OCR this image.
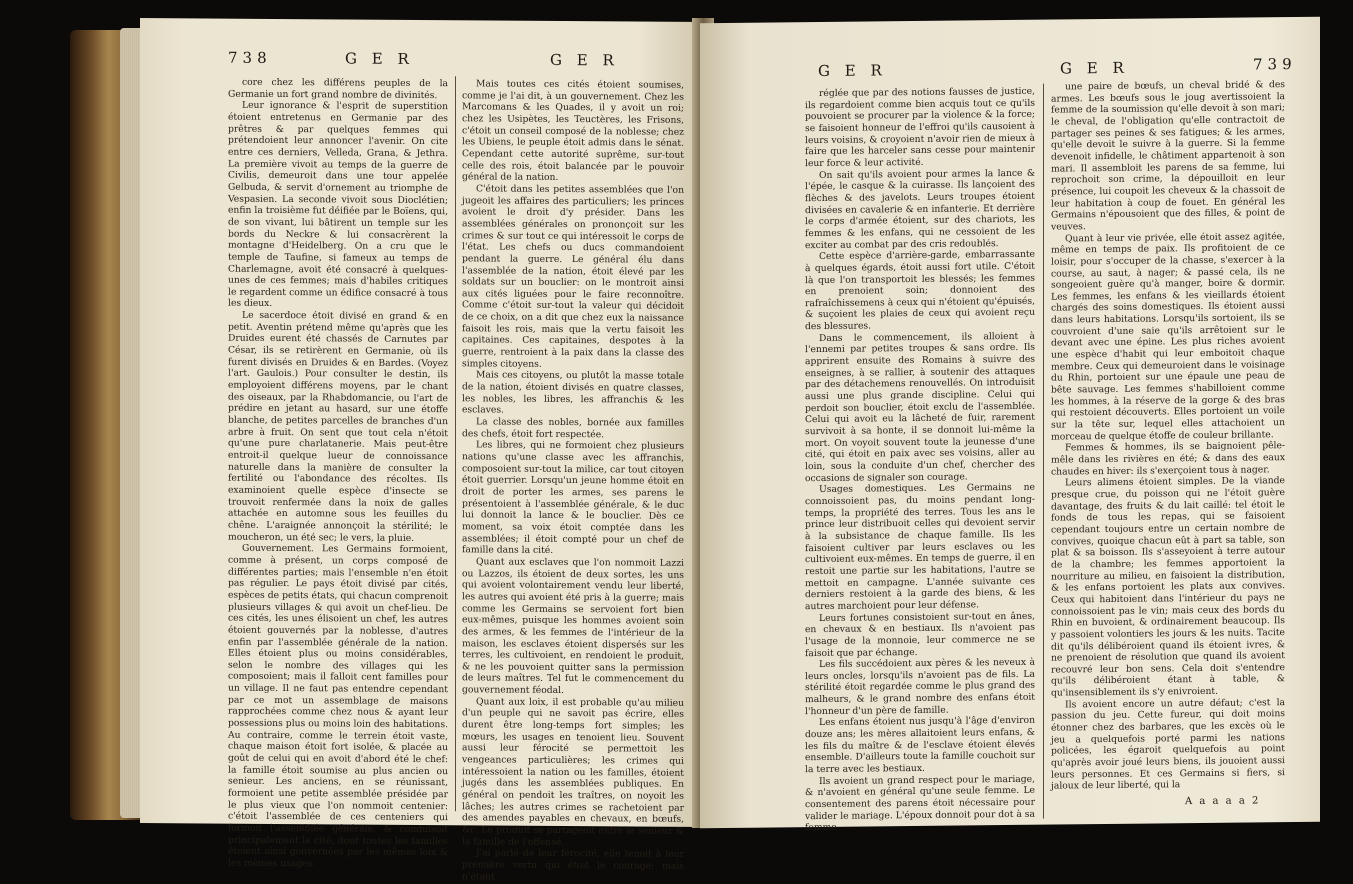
738	G E R	G E R

core chez les différens peuples de la Germanie un fort grand nombre de divinités.

Leur ignorance & l'esprit de superstition étoient entretenus en Germanie par des prêtres & par quelques femmes qui prétendoient leur annoncer l'avenir. On cite entre ces derniers, Velleda, Grana, & Jethra. La première vivoit au temps de la guerre de Civilis, demeuroit dans une tour appelée Gelbuda, & servit d'ornement au triomphe de Vespasien. La seconde vivoit sous Dioclétien; enfin la troisième fut déifiée par le Boïens, qui, de son vivant, lui bâtirent un temple sur les bords du Neckre & lui consacrèrent la montagne d'Heidelberg. On a cru que le temple de Taufine, si fameux au temps de Charlemagne, avoit été consacré à quelques-unes de ces femmes; mais d'habiles critiques le regardent comme un édifice consacré à tous les dieux.

Le sacerdoce étoit divisé en grand & en petit. Aventin prétend même qu'après que les Druides eurent été chassés de Carnutes par César, ils se retirèrent en Germanie, où ils furent divisés en Druides & en Bardes. (Voyez l'art. Gaulois.) Pour consulter le destin, ils employoient différens moyens, par le chant des oiseaux, par la Rhabdomancie, ou l'art de prédire en jetant au hasard, sur une étoffe blanche, de petites parcelles de branches d'un arbre à fruit. On sent que tout cela n'étoit qu'une pure charlatanerie. Mais peut-être entroit-il quelque lueur de connoissance naturelle dans la manière de consulter la fertilité ou l'abondance des récoltes. Ils examinoient quelle espèce d'insecte se trouvoit renfermée dans la noix de galles attachée en automne sous les feuilles du chêne. L'araignée annonçoit la stérilité; le moucheron, un été sec; le vers, la pluie.

Gouvernement. Les Germains formoient, comme à présent, un corps composé de différentes parties; mais l'ensemble n'en étoit pas régulier. Le pays étoit divisé par cités, espèces de petits états, qui chacun comprenoit plusieurs villages & qui avoit un chef-lieu. De ces cités, les unes élisoient un chef, les autres étoient gouvernés par la noblesse, d'autres enfin par l'assemblée générale de la nation. Elles étoient plus ou moins considérables, selon le nombre des villages qui les composoient; mais il falloit cent familles pour un village. Il ne faut pas entendre cependant par ce mot un assemblage de maisons rapprochées comme chez nous & ayant leur possessions plus ou moins loin des habitations. Au contraire, comme le terrein étoit vaste, chaque maison étoit fort isolée, & placée au goût de celui qui en avoit d'abord été le chef: la famille étoit soumise au plus ancien ou senieur. Les anciens, en se réunissant, formoient une petite assemblée présidée par le plus vieux que l'on nommoit centenier: c'étoit l'assemblée de ces centeniers qui formoit l'assemblée générale, & conduisoit principalement la cité, dont toutes les familles étoient ainsi gouvernées par les mêmes loix & les mêmes usages.

Mais toutes ces cités étoient soumises, comme je l'ai dit, à un gouvernement. Chez les Marcomans & les Quades, il y avoit un roi; chez les Usipètes, les Teuctères, les Frisons, c'étoit un conseil composé de la noblesse; chez les Ubiens, le peuple étoit admis dans le sénat. Cependant cette autorité suprême, sur-tout celle des rois, étoit balancée par le pouvoir général de la nation.

C'étoit dans les petites assemblées que l'on jugeoit les affaires des particuliers; les princes avoient le droit d'y présider. Dans les assemblées générales on prononçoit sur les crimes & sur tout ce qui intéressoit le corps de l'état. Les chefs ou ducs commandoient pendant la guerre. Le général élu dans l'assemblée de la nation, étoit élevé par les soldats sur un bouclier: on le montroit ainsi aux cités liguées pour le faire reconnoître. Comme c'étoit sur-tout la valeur qui décidoit de ce choix, on a dit que chez eux la naissance faisoit les rois, mais que la vertu faisoit les capitaines. Ces capitaines, despotes à la guerre, rentroient à la paix dans la classe des simples citoyens.

Mais ces citoyens, ou plutôt la masse totale de la nation, étoient divisés en quatre classes, les nobles, les libres, les affranchis & les esclaves.

La classe des nobles, bornée aux familles des chefs, étoit fort respectée.

Les libres, qui ne formoient chez plusieurs nations qu'une classe avec les affranchis, composoient sur-tout la milice, car tout citoyen étoit guerrier. Lorsqu'un jeune homme étoit en droit de porter les armes, ses parens le présentoient à l'assemblée générale, & le duc lui donnoit la lance & le bouclier. Dès ce moment, sa voix étoit comptée dans les assemblées; il étoit compté pour un chef de famille dans la cité.

Quant aux esclaves que l'on nommoit Lazzi ou Lazzos, ils étoient de deux sortes, les uns qui avoient volontairement vendu leur liberté, les autres qui avoient été pris à la guerre; mais comme les Germains se servoient fort bien eux-mêmes, puisque les hommes avoient soin des armes, & les femmes de l'intérieur de la maison, les esclaves étoient dispersés sur les terres, les cultivoient, en rendoient le produit, & ne les pouvoient quitter sans la permission de leurs maîtres. Tel fut le commencement du gouvernement féodal.

Quant aux loix, il est probable qu'au milieu d'un peuple qui ne savoit pas écrire, elles durent être long-temps fort simples; les mœurs, les usages en tenoient lieu. Souvent aussi leur férocité se permettoit les vengeances particulières; les crimes qui intéressoient la nation ou les familles, étoient jugés dans les assemblées publiques. En général on pendoit les traîtres, on noyoit les lâches; les autres crimes se rachetoient par des amendes payables en chevaux, en bœufs, &c. Le produit se partageoit entre le senieur & la famille de l'offensé.

J'ai parlé de leur férocité, elle tenoit à leur première vertu qui étoit le courage; mais n'étant

G E R	G E R	739

réglée que par des notions fausses de justice, ils regardoient comme bien acquis tout ce qu'ils pouvoient se procurer par la violence & la force; se faisoient honneur de l'effroi qu'ils causoient à leurs voisins, & croyoient n'avoir rien de mieux à faire que les harceler sans cesse pour maintenir leur force & leur activité.

On sait qu'ils avoient pour armes la lance & l'épée, le casque & la cuirasse. Ils lançoient des flèches & des javelots. Leurs troupes étoient divisées en cavalerie & en infanterie. Et derrière le corps d'armée étoient, sur des chariots, les femmes & les enfans, qui ne cessoient de les exciter au combat par des cris redoublés.

Cette espèce d'arrière-garde, embarrassante à quelques égards, étoit aussi fort utile. C'étoit là que l'on transportoit les blessés; les femmes en prenoient soin; donnoient des rafraîchissemens à ceux qui n'étoient qu'épuisés, & suçoient les plaies de ceux qui avoient reçu des blessures.

Dans le commencement, ils alloient à l'ennemi par petites troupes & sans ordre. Ils apprirent ensuite des Romains à suivre des enseignes, à se rallier, à soutenir des attaques par des détachemens renouvellés. On introduisit aussi une plus grande discipline. Celui qui perdoit son bouclier, étoit exclu de l'assemblée. Celui qui avoit eu la lâcheté de fuir, rarement survivoit à sa honte, il se donnoit lui-même la mort. On voyoit souvent toute la jeunesse d'une cité, qui étoit en paix avec ses voisins, aller au loin, sous la conduite d'un chef, chercher des occasions de signaler son courage.

Usages domestiques. Les Germains ne connoissoient pas, du moins pendant long-temps, la propriété des terres. Tous les ans le prince leur distribuoit celles qui devoient servir à la subsistance de chaque famille. Ils les faisoient cultiver par leurs esclaves ou les cultivoient eux-mêmes. En temps de guerre, il en restoit une partie sur les habitations, l'autre se mettoit en campagne. L'année suivante ces derniers restoient à la garde des biens, & les autres marchoient pour leur défense.

Leurs fortunes consistoient sur-tout en ânes, en chevaux & en bestiaux. Ils n'avoient pas l'usage de la monnoie, leur commerce ne se faisoit que par échange.

Les fils succédoient aux pères & les neveux à leurs oncles, lorsqu'ils n'avoient pas de fils. La stérilité étoit regardée comme le plus grand des malheurs, & le grand nombre des enfans étoit l'honneur d'un père de famille.

Les enfans étoient nus jusqu'à l'âge d'environ douze ans; les mères allaitoient leurs enfans, & les fils du maître & de l'esclave étoient élevés ensemble. D'ailleurs toute la famille couchoit sur la terre avec les bestiaux.

Ils avoient un grand respect pour le mariage, & n'avoient en général qu'une seule femme. Le consentement des parens étoit nécessaire pour valider le mariage. L'époux donnoit pour dot à sa femme

une paire de bœufs, un cheval bridé & des armes. Les bœufs sous le joug avertissoient la femme de la soumission qu'elle devoit à son mari; le cheval, de l'obligation qu'elle contractoit de partager ses peines & ses fatigues; & les armes, qu'elle devoit le suivre à la guerre. Si la femme devenoit infidelle, le châtiment appartenoit à son mari. Il assembloit les parens de sa femme, lui reprochoit son crime, la dépouilloit en leur présence, lui coupoit les cheveux & la chassoit de leur habitation à coup de fouet. En général les Germains n'épousoient que des filles, & point de veuves.

Quant à leur vie privée, elle étoit assez agitée, même en temps de paix. Ils profitoient de ce loisir, pour s'occuper de la chasse, s'exercer à la course, au saut, à nager; & passé cela, ils ne songeoient guère qu'à manger, boire & dormir. Les femmes, les enfans & les vieillards étoient chargés des soins domestiques. Ils étoient aussi dans leurs habitations. Lorsqu'ils sortoient, ils se couvroient d'une saie qu'ils arrêtoient sur le devant avec une épine. Les plus riches avoient une espèce d'habit qui leur emboitoit chaque membre. Ceux qui demeuroient dans le voisinage du Rhin, portoient sur une épaule une peau de bête sauvage. Les femmes s'habilloient comme les hommes, à la réserve de la gorge & des bras qui restoient découverts. Elles portoient un voile sur la tête sur, lequel elles attachoient un morceau de quelque étoffe de couleur brillante.

Femmes & hommes, ils se baignoient pêle-mêle dans les rivières en été; & dans des eaux chaudes en hiver: ils s'exerçoient tous à nager.

Leurs alimens étoient simples. De la viande presque crue, du poisson qui ne l'étoit guère davantage, des fruits & du lait caillé: tel étoit le fonds de tous les repas, qui se faisoient cependant toujours entre un certain nombre de convives, quoique chacun eût à part sa table, son plat & sa boisson. Ils s'asseyoient à terre autour de la chambre; les femmes apportoient la nourriture au milieu, en faisoient la distribution, & les enfans portoient les plats aux convives. Ceux qui habitoient dans l'intérieur du pays ne connoissoient pas le vin; mais ceux des bords du Rhin en buvoient, & ordinairement beaucoup. Ils y passoient volontiers les jours & les nuits. Tacite dit qu'ils délibéroient quand ils étoient ivres, & ne prenoient de résolution que quand ils avoient recouvré leur bon sens. Cela doit s'entendre qu'ils délibéroient étant à table, & qu'insensiblement ils s'y enivroient.

Ils avoient encore un autre défaut; c'est la passion du jeu. Cette fureur, qui doit moins étonner chez des barbares, que les excès où le jeu a quelquefois porté parmi les nations policées, les égaroit quelquefois au point qu'après avoir joué leurs biens, ils jouoient aussi leurs personnes. Et ces Germains si fiers, si jaloux de leur liberté, qui la

A a a a a 2
